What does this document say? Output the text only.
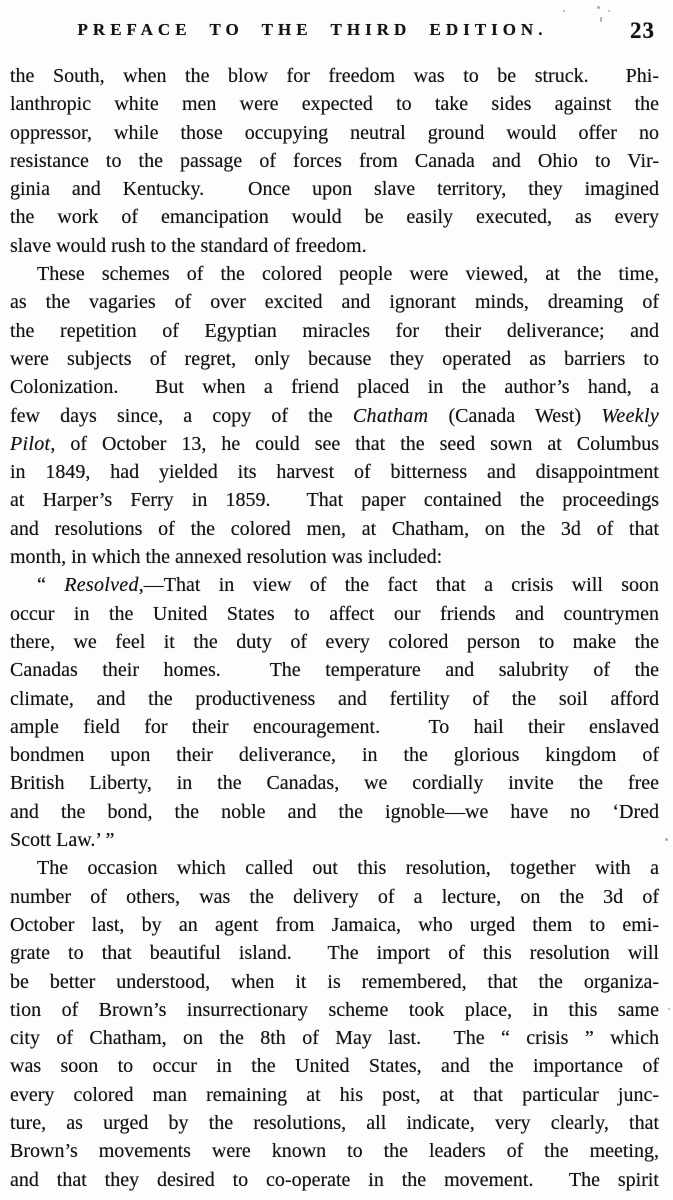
PREFACE TO THE THIRD EDITION.	23
the South, when the blow for freedom was to be struck.  Phi-
lanthropic white men were expected to take sides against the
oppressor, while those occupying neutral ground would offer no
resistance to the passage of forces from Canada and Ohio to Vir-
ginia and Kentucky.  Once upon slave territory, they imagined
the work of emancipation would be easily executed, as every
slave would rush to the standard of freedom.
These schemes of the colored people were viewed, at the time,
as the vagaries of over excited and ignorant minds, dreaming of
the repetition of Egyptian miracles for their deliverance; and
were subjects of regret, only because they operated as barriers to
Colonization.  But when a friend placed in the author’s hand, a
few days since, a copy of the Chatham (Canada West) Weekly
Pilot, of October 13, he could see that the seed sown at Columbus
in 1849, had yielded its harvest of bitterness and disappointment
at Harper’s Ferry in 1859.  That paper contained the proceedings
and resolutions of the colored men, at Chatham, on the 3d of that
month, in which the annexed resolution was included:
“ Resolved,—That in view of the fact that a crisis will soon
occur in the United States to affect our friends and countrymen
there, we feel it the duty of every colored person to make the
Canadas their homes.  The temperature and salubrity of the
climate, and the productiveness and fertility of the soil afford
ample field for their encouragement.  To hail their enslaved
bondmen upon their deliverance, in the glorious kingdom of
British Liberty, in the Canadas, we cordially invite the free
and the bond, the noble and the ignoble—we have no ‘Dred
Scott Law.’ ”
The occasion which called out this resolution, together with a
number of others, was the delivery of a lecture, on the 3d of
October last, by an agent from Jamaica, who urged them to emi-
grate to that beautiful island.  The import of this resolution will
be better understood, when it is remembered, that the organiza-
tion of Brown’s insurrectionary scheme took place, in this same
city of Chatham, on the 8th of May last.  The “ crisis ” which
was soon to occur in the United States, and the importance of
every colored man remaining at his post, at that particular junc-
ture, as urged by the resolutions, all indicate, very clearly, that
Brown’s movements were known to the leaders of the meeting,
and that they desired to co-operate in the movement.  The spirit
